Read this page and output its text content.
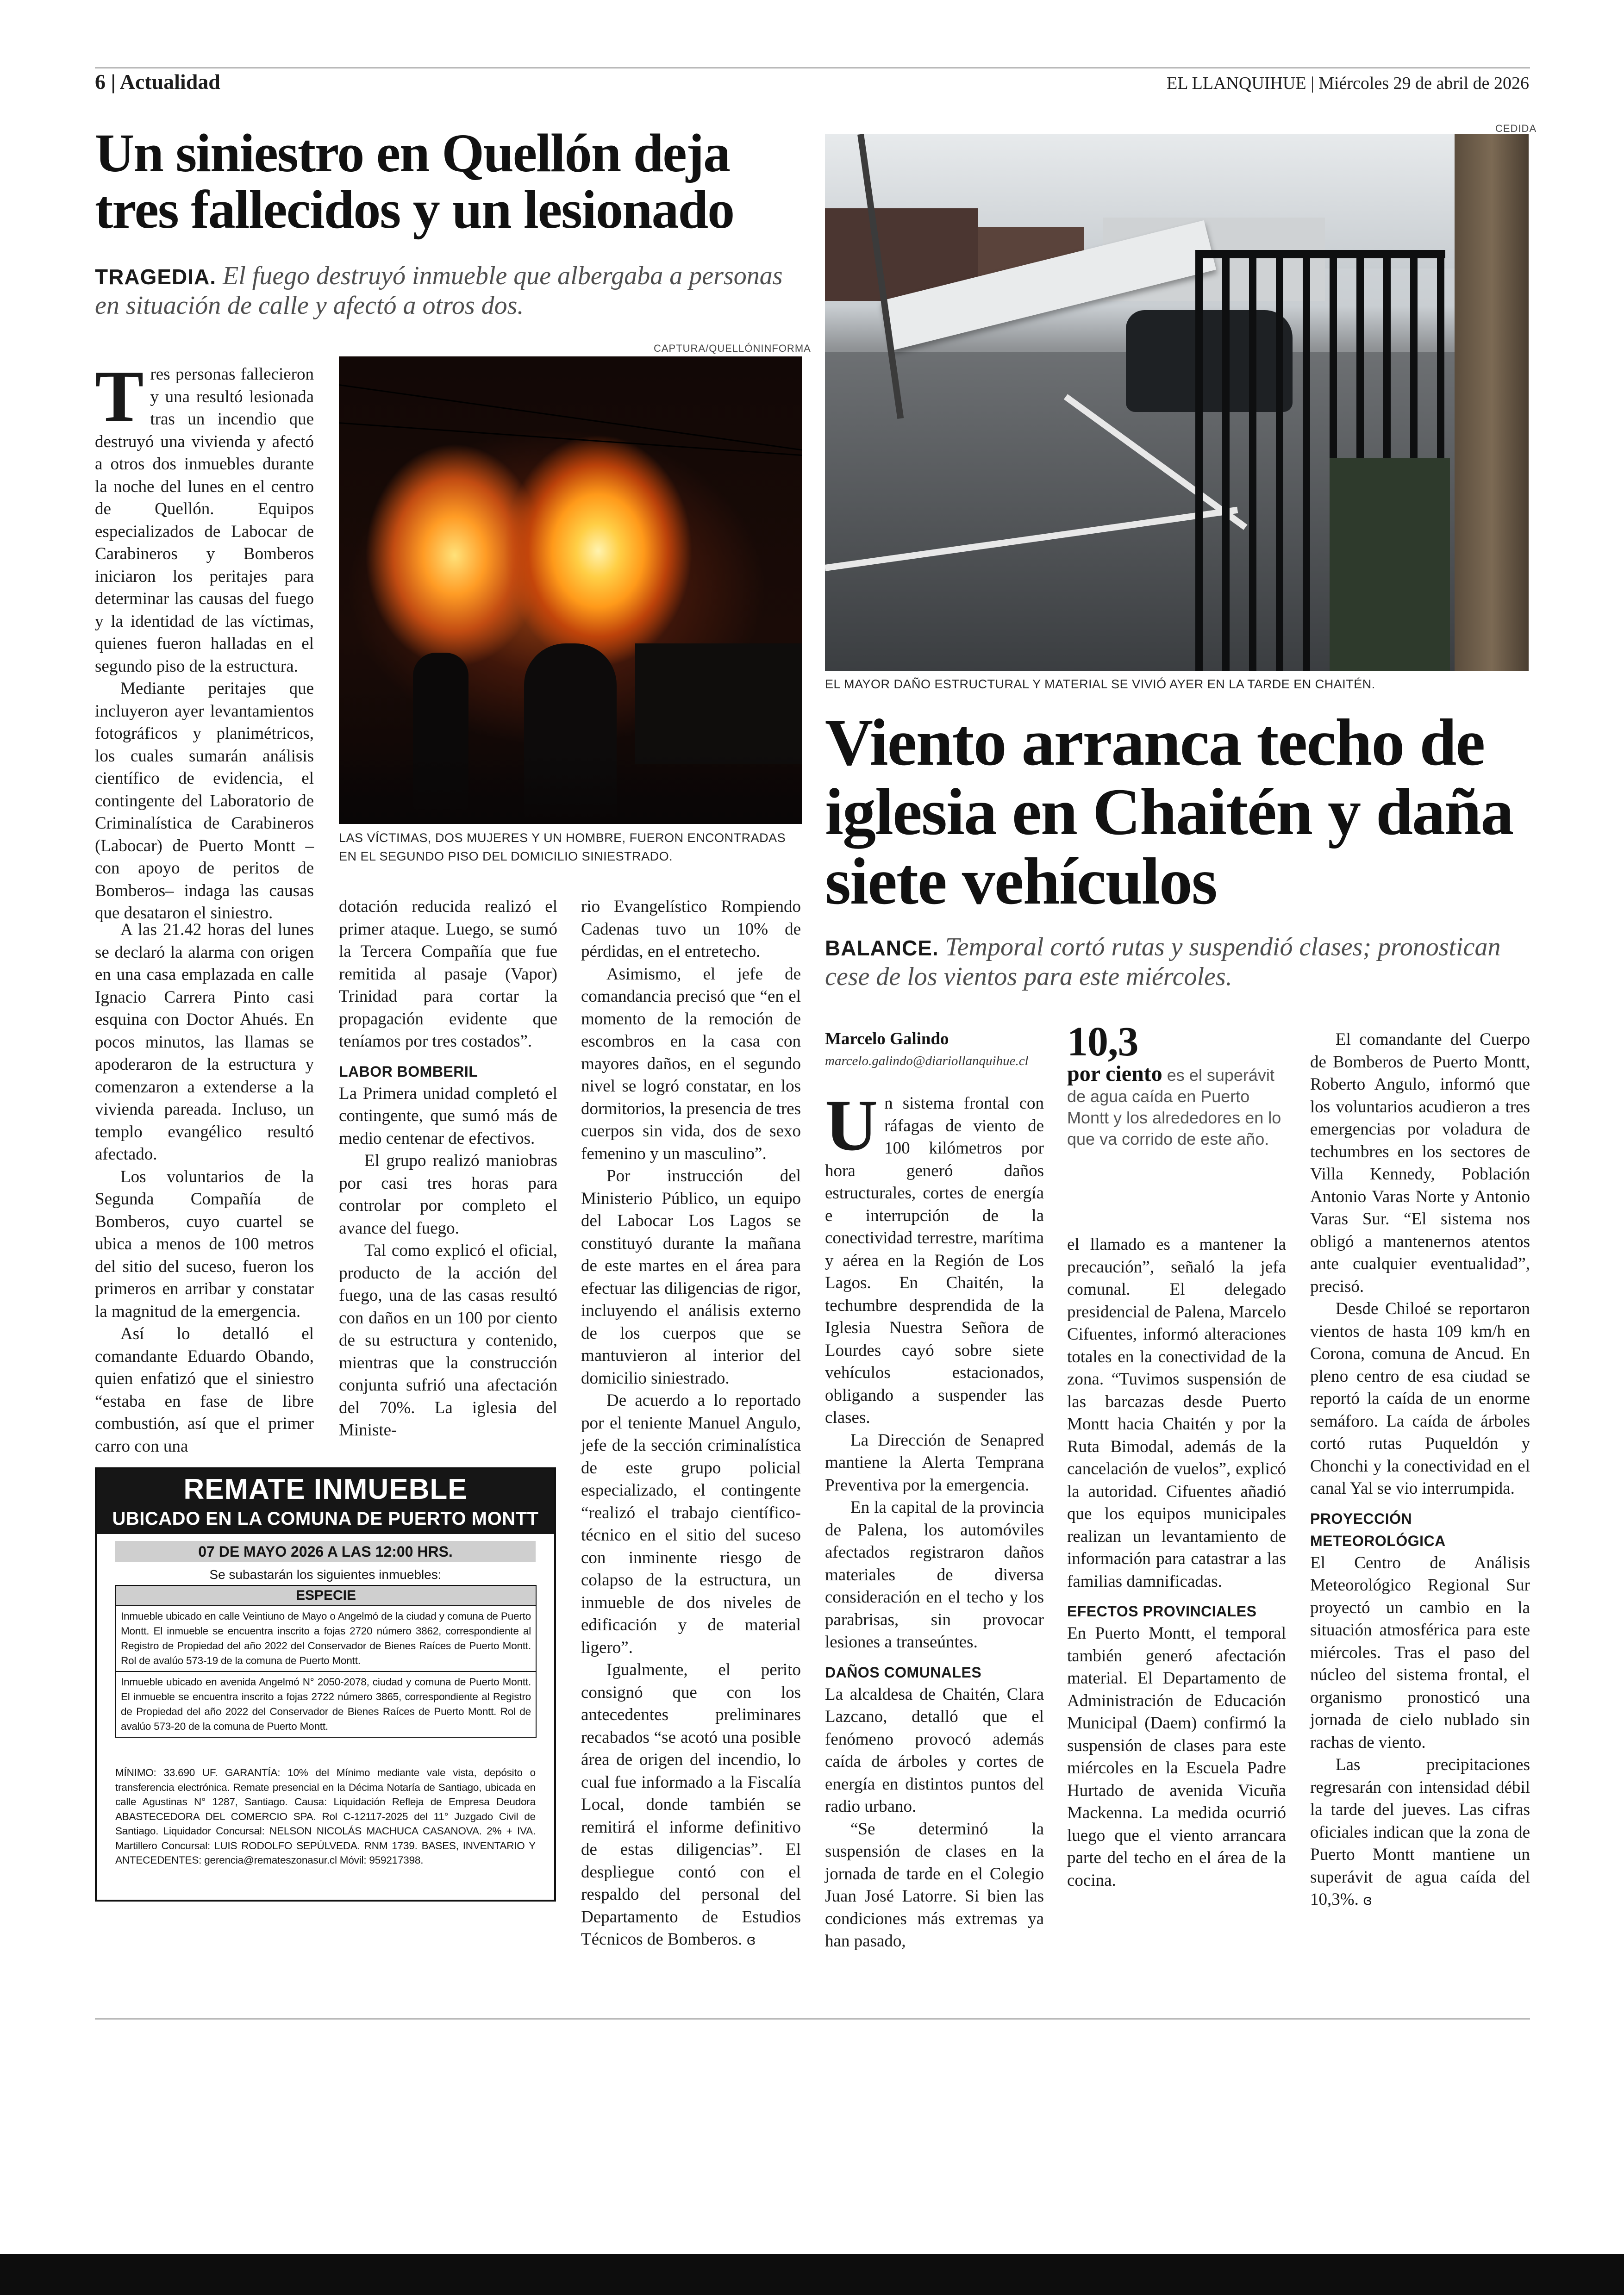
6 | Actualidad	EL LLANQUIHUE | Miércoles 29 de abril de 2026
Un siniestro en Quellón deja tres fallecidos y un lesionado
TRAGEDIA. El fuego destruyó inmueble que albergaba a personas en situación de calle y afectó a otros dos.
CAPTURA/QUELLÓNINFORMA
LAS VÍCTIMAS, DOS MUJERES Y UN HOMBRE, FUERON ENCONTRADAS EN EL SEGUNDO PISO DEL DOMICILIO SINIESTRADO.

Tres personas fallecieron y una resultó lesionada tras un incendio que destruyó una vivienda y afectó a otros dos inmuebles durante la noche del lunes en el centro de Quellón. Equipos especializados de Labocar de Carabineros y Bomberos iniciaron los peritajes para determinar las causas del fuego y la identidad de las víctimas, quienes fueron halladas en el segundo piso de la estructura.

Mediante peritajes que incluyeron ayer levantamientos fotográficos y planimétricos, los cuales sumarán análisis científico de evidencia, el contingente del Laboratorio de Criminalística de Carabineros (Labocar) de Puerto Montt –con apoyo de peritos de Bomberos– indaga las causas que desataron el siniestro.

A las 21.42 horas del lunes se declaró la alarma con origen en una casa emplazada en calle Ignacio Carrera Pinto casi esquina con Doctor Ahués. En pocos minutos, las llamas se apoderaron de la estructura y comenzaron a extenderse a la vivienda pareada. Incluso, un templo evangélico resultó afectado.

Los voluntarios de la Segunda Compañía de Bomberos, cuyo cuartel se ubica a menos de 100 metros del sitio del suceso, fueron los primeros en arribar y constatar la magnitud de la emergencia.

Así lo detalló el comandante Eduardo Obando, quien enfatizó que el siniestro “estaba en fase de libre combustión, así que el primer carro con una

dotación reducida realizó el primer ataque. Luego, se sumó la Tercera Compañía que fue remitida al pasaje (Vapor) Trinidad para cortar la propagación evidente que teníamos por tres costados”.

LABOR BOMBERIL

La Primera unidad completó el contingente, que sumó más de medio centenar de efectivos.

El grupo realizó maniobras por casi tres horas para controlar por completo el avance del fuego.

Tal como explicó el oficial, producto de la acción del fuego, una de las casas resultó con daños en un 100 por ciento de su estructura y contenido, mientras que la construcción conjunta sufrió una afectación del 70%. La iglesia del Ministe-

rio Evangelístico Rompiendo Cadenas tuvo un 10% de pérdidas, en el entretecho.

Asimismo, el jefe de comandancia precisó que “en el momento de la remoción de escombros en la casa con mayores daños, en el segundo nivel se logró constatar, en los dormitorios, la presencia de tres cuerpos sin vida, dos de sexo femenino y un masculino”.

Por instrucción del Ministerio Público, un equipo del Labocar Los Lagos se constituyó durante la mañana de este martes en el área para efectuar las diligencias de rigor, incluyendo el análisis externo de los cuerpos que se mantuvieron al interior del domicilio siniestrado.

De acuerdo a lo reportado por el teniente Manuel Angulo, jefe de la sección criminalística de este grupo policial especializado, el contingente “realizó el trabajo científico-técnico en el sitio del suceso con inminente riesgo de colapso de la estructura, un inmueble de dos niveles de edificación y de material ligero”.

Igualmente, el perito consignó que con los antecedentes preliminares recabados “se acotó una posible área de origen del incendio, lo cual fue informado a la Fiscalía Local, donde también se remitirá el informe definitivo de estas diligencias”. El despliegue contó con el respaldo del personal del Departamento de Estudios Técnicos de Bomberos. ɞ

REMATE INMUEBLE
UBICADO EN LA COMUNA DE PUERTO MONTT
07 DE MAYO 2026 A LAS 12:00 HRS.
Se subastarán los siguientes inmuebles:
ESPECIE
Inmueble ubicado en calle Veintiuno de Mayo o Angelmó de la ciudad y comuna de Puerto Montt. El inmueble se encuentra inscrito a fojas 2720 número 3862, correspondiente al Registro de Propiedad del año 2022 del Conservador de Bienes Raíces de Puerto Montt. Rol de avalúo 573-19 de la comuna de Puerto Montt.
Inmueble ubicado en avenida Angelmó N° 2050-2078, ciudad y comuna de Puerto Montt. El inmueble se encuentra inscrito a fojas 2722 número 3865, correspondiente al Registro de Propiedad del año 2022 del Conservador de Bienes Raíces de Puerto Montt. Rol de avalúo 573-20 de la comuna de Puerto Montt.
MÍNIMO: 33.690 UF. GARANTÍA: 10% del Mínimo mediante vale vista, depósito o transferencia electrónica. Remate presencial en la Décima Notaría de Santiago, ubicada en calle Agustinas N° 1287, Santiago. Causa: Liquidación Refleja de Empresa Deudora ABASTECEDORA DEL COMERCIO SPA. Rol C-12117-2025 del 11° Juzgado Civil de Santiago. Liquidador Concursal: NELSON NICOLÁS MACHUCA CASANOVA. 2% + IVA. Martillero Concursal: LUIS RODOLFO SEPÚLVEDA. RNM 1739. BASES, INVENTARIO Y ANTECEDENTES: gerencia@remateszonasur.cl Móvil: 959217398.
CEDIDA
EL MAYOR DAÑO ESTRUCTURAL Y MATERIAL SE VIVIÓ AYER EN LA TARDE EN CHAITÉN.
Viento arranca techo de iglesia en Chaitén y daña siete vehículos
BALANCE. Temporal cortó rutas y suspendió clases; pronostican cese de los vientos para este miércoles.
Marcelo Galindo
marcelo.galindo@diariollanquihue.cl

Un sistema frontal con ráfagas de viento de 100 kilómetros por hora generó daños estructurales, cortes de energía e interrupción de la conectividad terrestre, marítima y aérea en la Región de Los Lagos. En Chaitén, la techumbre desprendida de la Iglesia Nuestra Señora de Lourdes cayó sobre siete vehículos estacionados, obligando a suspender las clases.

La Dirección de Senapred mantiene la Alerta Temprana Preventiva por la emergencia.

En la capital de la provincia de Palena, los automóviles afectados registraron daños materiales de diversa consideración en el techo y los parabrisas, sin provocar lesiones a transeúntes.

DAÑOS COMUNALES

La alcaldesa de Chaitén, Clara Lazcano, detalló que el fenómeno provocó además caída de árboles y cortes de energía en distintos puntos del radio urbano.

“Se determinó la suspensión de clases en la jornada de tarde en el Colegio Juan José Latorre. Si bien las condiciones más extremas ya han pasado,

10,3
por ciento es el superávit de agua caída en Puerto Montt y los alrededores en lo que va corrido de este año.

el llamado es a mantener la precaución”, señaló la jefa comunal. El delegado presidencial de Palena, Marcelo Cifuentes, informó alteraciones totales en la conectividad de la zona. “Tuvimos suspensión de las barcazas desde Puerto Montt hacia Chaitén y por la Ruta Bimodal, además de la cancelación de vuelos”, explicó la autoridad. Cifuentes añadió que los equipos municipales realizan un levantamiento de información para catastrar a las familias damnificadas.

EFECTOS PROVINCIALES

En Puerto Montt, el temporal también generó afectación material. El Departamento de Administración de Educación Municipal (Daem) confirmó la suspensión de clases para este miércoles en la Escuela Padre Hurtado de avenida Vicuña Mackenna. La medida ocurrió luego que el viento arrancara parte del techo en el área de la cocina.

El comandante del Cuerpo de Bomberos de Puerto Montt, Roberto Angulo, informó que los voluntarios acudieron a tres emergencias por voladura de techumbres en los sectores de Villa Kennedy, Población Antonio Varas Norte y Antonio Varas Sur. “El sistema nos obligó a mantenernos atentos ante cualquier eventualidad”, precisó.

Desde Chiloé se reportaron vientos de hasta 109 km/h en Corona, comuna de Ancud. En pleno centro de esa ciudad se reportó la caída de un enorme semáforo. La caída de árboles cortó rutas Puqueldón y Chonchi y la conectividad en el canal Yal se vio interrumpida.

PROYECCIÓN METEOROLÓGICA

El Centro de Análisis Meteorológico Regional Sur proyectó un cambio en la situación atmosférica para este miércoles. Tras el paso del núcleo del sistema frontal, el organismo pronosticó una jornada de cielo nublado sin rachas de viento.

Las precipitaciones regresarán con intensidad débil la tarde del jueves. Las cifras oficiales indican que la zona de Puerto Montt mantiene un superávit de agua caída del 10,3%. ɞ
